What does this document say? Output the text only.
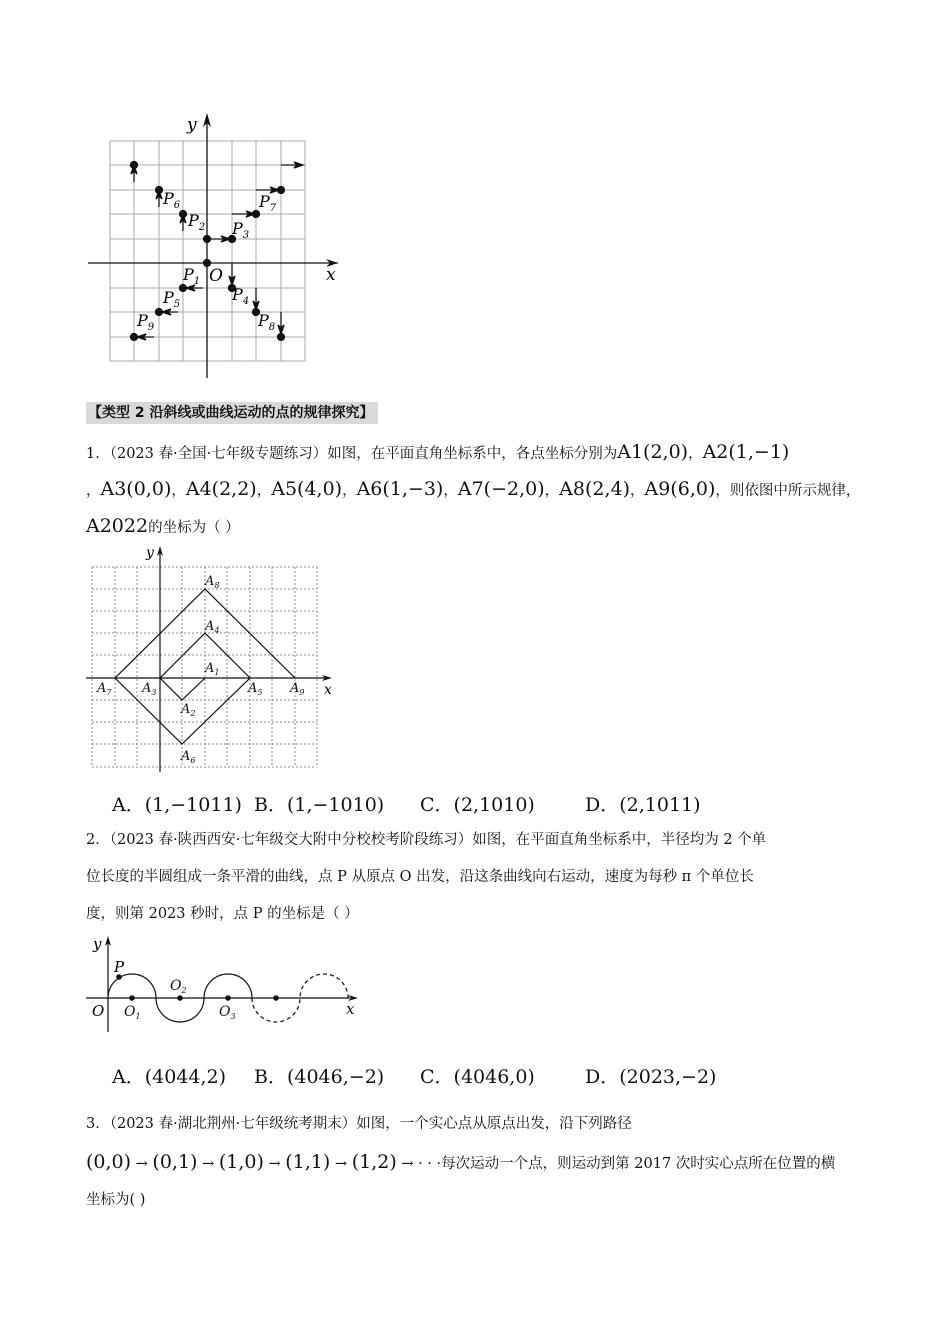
x
y
O
$P_1$
$P_2$ $P_3$
$P_4$
$P_5$
$P_6$	$P_7$
$P_8$
$P_9$
【类型 2 沿斜线或曲线运动的点的规律探究】
1．（2023 春·全国·七年级专题练习）如图，在平面直角坐标系中，各点坐标分别为A1(2,0)，A2(1,−1)
，A3(0,0)，A4(2,2)，A5(4,0)，A6(1,−3)，A7(−2,0)，A8(2,4)，A9(6,0)，则依图中所示规律，
A2022的坐标为（ ）
x
y
$A_1$
$A_2$
$A_3$
$A_4$
$A_5$
$A_6$
$A_7$
$A_8$
$A_9$
A．(1,−1011) B．(1,−1010) C．(2,1010)	D．(2,1011)
2．（2023 春·陕西西安·七年级交大附中分校校考阶段练习）如图，在平面直角坐标系中，半径均为 2 个单
位长度的半圆组成一条平滑的曲线，点 P 从原点 O 出发，沿这条曲线向右运动，速度为每秒 π 个单位长
度，则第 2023 秒时，点 P 的坐标是（ ）
x
y
O
P
$O_1$
$O_2$
$O_3$
A．(4044,2) B．(4046,−2) C．(4046,0)	D．(2023,−2)
3．（2023 春·湖北荆州·七年级统考期末）如图，一个实心点从原点出发，沿下列路径
(0,0) → (0,1) → (1,0) → (1,1) → (1,2) → · · ·每次运动一个点，则运动到第 2017 次时实心点所在位置的横
坐标为( )
